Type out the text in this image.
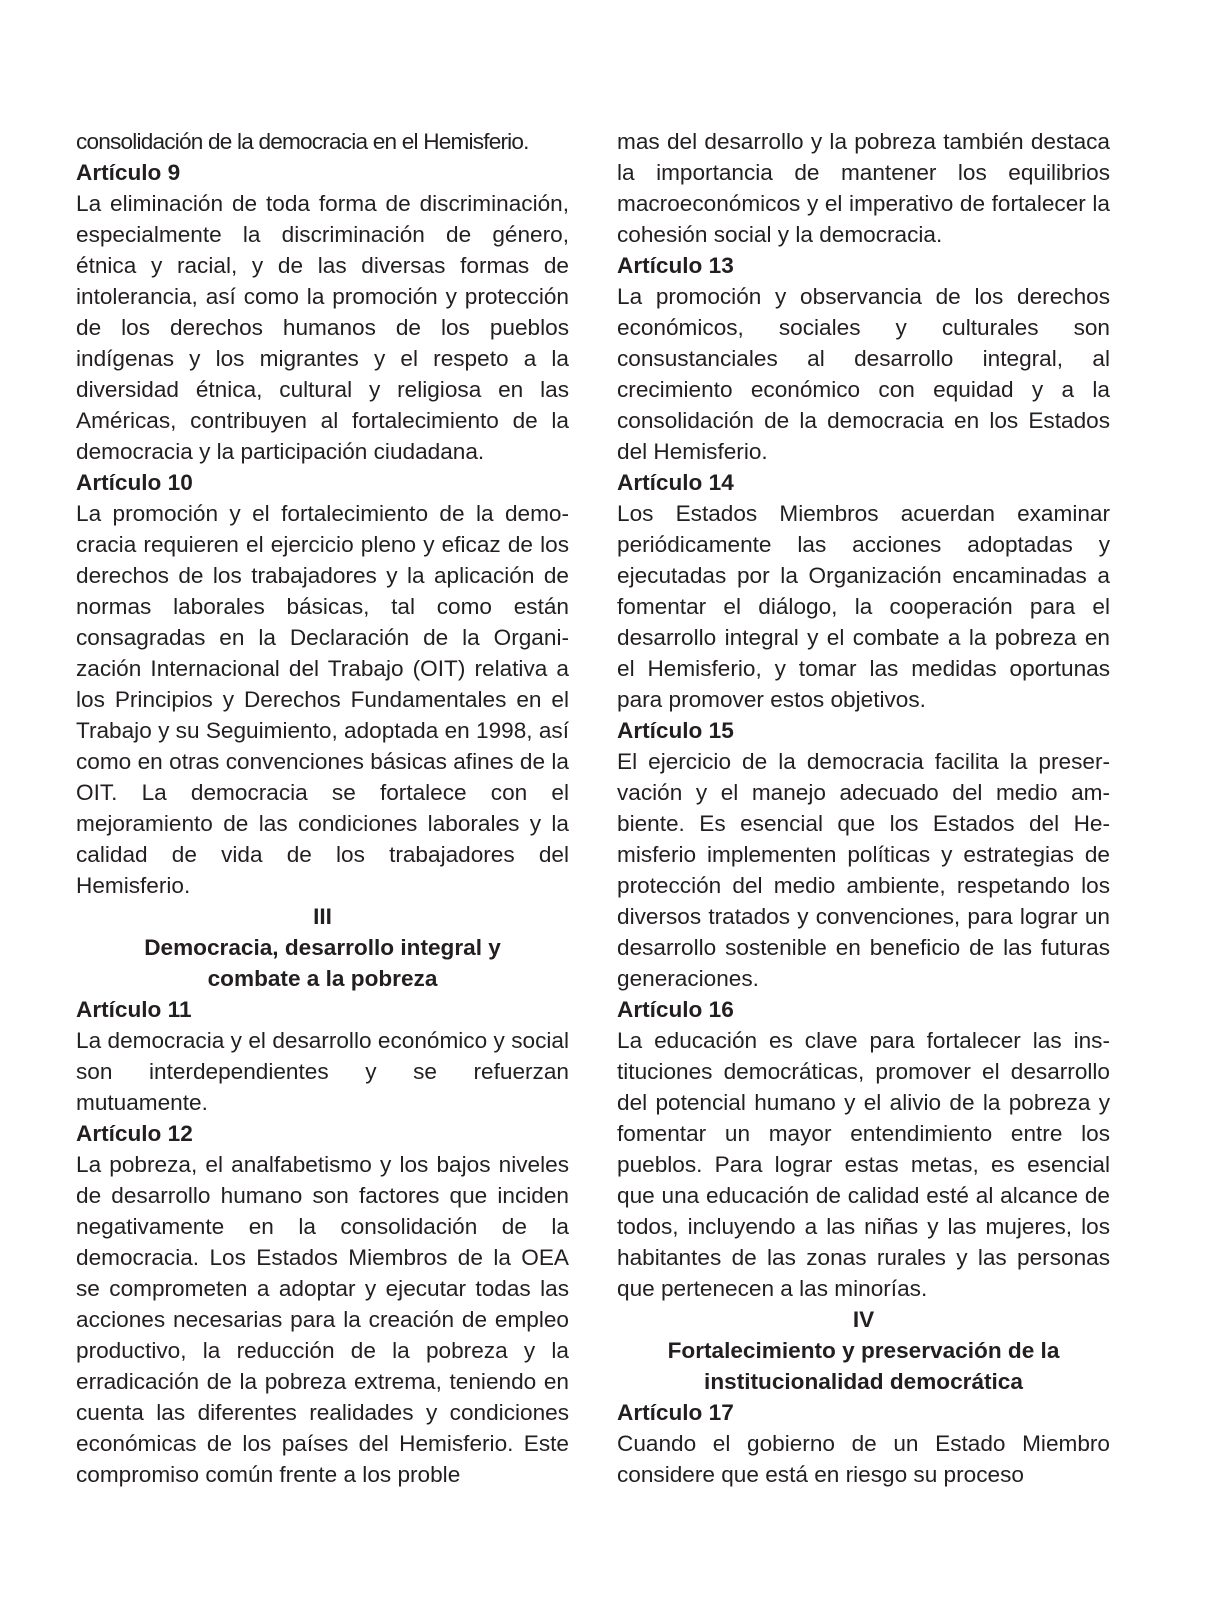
consolidación de la democracia en el Hemisferio.

Artículo 9

La eliminación de toda forma de discriminación, especialmente la discriminación de género, étnica y racial, y de las diversas formas de intolerancia, así como la promoción y protección de los derechos humanos de los pueblos indígenas y los migrantes y el respeto a la diversidad étnica, cultural y religiosa en las Américas, contribuyen al fortalecimiento de la democracia y la participación ciudadana.

Artículo 10

La promoción y el fortalecimiento de la democracia requieren el ejercicio pleno y eficaz de los derechos de los trabajadores y la aplicación de normas laborales básicas, tal como están consagradas en la Declaración de la Organización Internacional del Trabajo (OIT) relativa a los Principios y Derechos Fundamentales en el Trabajo y su Seguimiento, adoptada en 1998, así como en otras convenciones básicas afines de la OIT. La democracia se fortalece con el mejoramiento de las condiciones laborales y la calidad de vida de los trabajadores del Hemisferio.

III
Democracia, desarrollo integral y
combate a la pobreza
Artículo 11

La democracia y el desarrollo económico y social son interdependientes y se refuerzan mutuamente.

Artículo 12

La pobreza, el analfabetismo y los bajos niveles de desarrollo humano son factores que inciden negativamente en la consolidación de la democracia. Los Estados Miembros de la OEA se comprometen a adoptar y ejecutar todas las acciones necesarias para la creación de empleo productivo, la reducción de la pobreza y la erradicación de la pobreza extrema, teniendo en cuenta las diferentes realidades y condiciones económicas de los países del Hemisferio. Este compromiso común frente a los proble

mas del desarrollo y la pobreza también destaca la importancia de mantener los equilibrios macroeconómicos y el imperativo de fortalecer la cohesión social y la democracia.

Artículo 13

La promoción y observancia de los derechos económicos, sociales y culturales son consustanciales al desarrollo integral, al crecimiento económico con equidad y a la consolidación de la democracia en los Estados del Hemisferio.

Artículo 14

Los Estados Miembros acuerdan examinar periódicamente las acciones adoptadas y ejecutadas por la Organización encaminadas a fomentar el diálogo, la cooperación para el desarrollo integral y el combate a la pobreza en el Hemisferio, y tomar las medidas oportunas para promover estos objetivos.

Artículo 15

El ejercicio de la democracia facilita la preservación y el manejo adecuado del medio ambiente. Es esencial que los Estados del Hemisferio implementen políticas y estrategias de protección del medio ambiente, respetando los diversos tratados y convenciones, para lograr un desarrollo sostenible en beneficio de las futuras generaciones.

Artículo 16

La educación es clave para fortalecer las instituciones democráticas, promover el desarrollo del potencial humano y el alivio de la pobreza y fomentar un mayor entendimiento entre los pueblos. Para lograr estas metas, es esencial que una educación de calidad esté al alcance de todos, incluyendo a las niñas y las mujeres, los habitantes de las zonas rurales y las personas que pertenecen a las minorías.

IV
Fortalecimiento y preservación de la
institucionalidad democrática
Artículo 17

Cuando el gobierno de un Estado Miembro considere que está en riesgo su proceso
